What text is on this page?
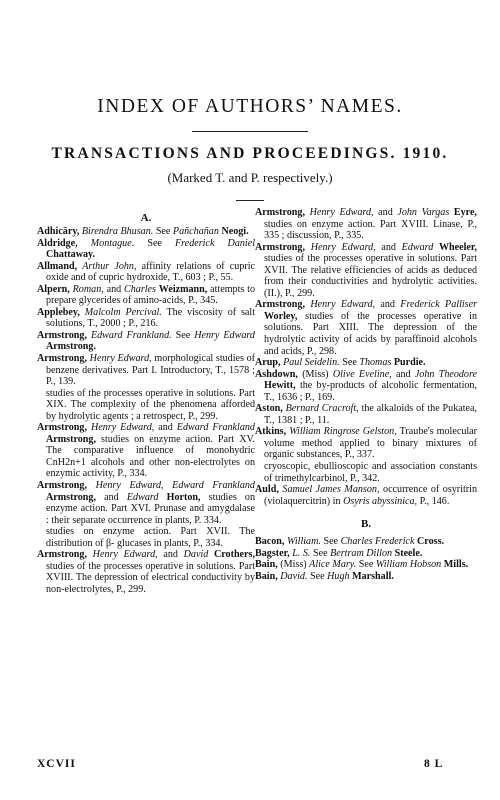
INDEX OF AUTHORS’ NAMES.
TRANSACTIONS AND PROCEEDINGS. 1910.
(Marked T. and P. respectively.)
A.
Adhicāry, Birendra Bhusan. See Pañchañan Neogi.
Aldridge, Montague. See Frederick Daniel Chattaway.
Allmand, Arthur John, affinity relations of cupric oxide and of cupric hydroxide, T., 603 ; P., 55.
Alpern, Roman, and Charles Weizmann, attempts to prepare glycerides of amino-acids, P., 345.
Applebey, Malcolm Percival. The viscosity of salt solutions, T., 2000 ; P., 216.
Armstrong, Edward Frankland. See Henry Edward Armstrong.
Armstrong, Henry Edward, morphological studies of benzene derivatives. Part I. Introductory, T., 1578 ; P., 139.
studies of the processes operative in solutions. Part XIX. The complexity of the phenomena afforded by hydrolytic agents ; a retrospect, P., 299.
Armstrong, Henry Edward, and Edward Frankland Armstrong, studies on enzyme action. Part XV. The comparative influence of monohydric CnH2n+1 alcohols and other non-electrolytes on enzymic activity, P., 334.
Armstrong, Henry Edward, Edward Frankland Armstrong, and Edward Horton, studies on enzyme action. Part XVI. Prunase and amygdalase : their separate occurrence in plants, P. 334.
studies on enzyme action. Part XVII. The distribution of β- glucases in plants, P., 334.
Armstrong, Henry Edward, and David Crothers, studies of the processes operative in solutions. Part XVIII. The depression of electrical conductivity by non-electrolytes, P., 299.
Armstrong, Henry Edward, and John Vargas Eyre, studies on enzyme action. Part XVIII. Linase, P., 335 ; discussion, P., 335.
Armstrong, Henry Edward, and Edward Wheeler, studies of the processes operative in solutions. Part XVII. The relative efficiencies of acids as deduced from their conductivities and hydrolytic activities. (II.), P., 299.
Armstrong, Henry Edward, and Frederick Palliser Worley, studies of the processes operative in solutions. Part XIII. The depression of the hydrolytic activity of acids by paraffinoid alcohols and acids, P., 298.
Arup, Paul Seidelin. See Thomas Purdie.
Ashdown, (Miss) Olive Eveline, and John Theodore Hewitt, the by-products of alcoholic fermentation, T., 1636 ; P., 169.
Aston, Bernard Cracroft, the alkaloids of the Pukatea, T., 1381 ; P., 11.
Atkins, William Ringrose Gelston, Traube's molecular volume method applied to binary mixtures of organic substances, P., 337.
cryoscopic, ebullioscopic and association constants of trimethylcarbinol, P., 342.
Auld, Samuel James Manson, occurrence of osyritrin (violaquercitrin) in Osyris abyssinica, P., 146.
B.
Bacon, William. See Charles Frederick Cross.
Bagster, L. S. See Bertram Dillon Steele.
Bain, (Miss) Alice Mary. See William Hobson Mills.
Bain, David. See Hugh Marshall.
XCVII	8 L
